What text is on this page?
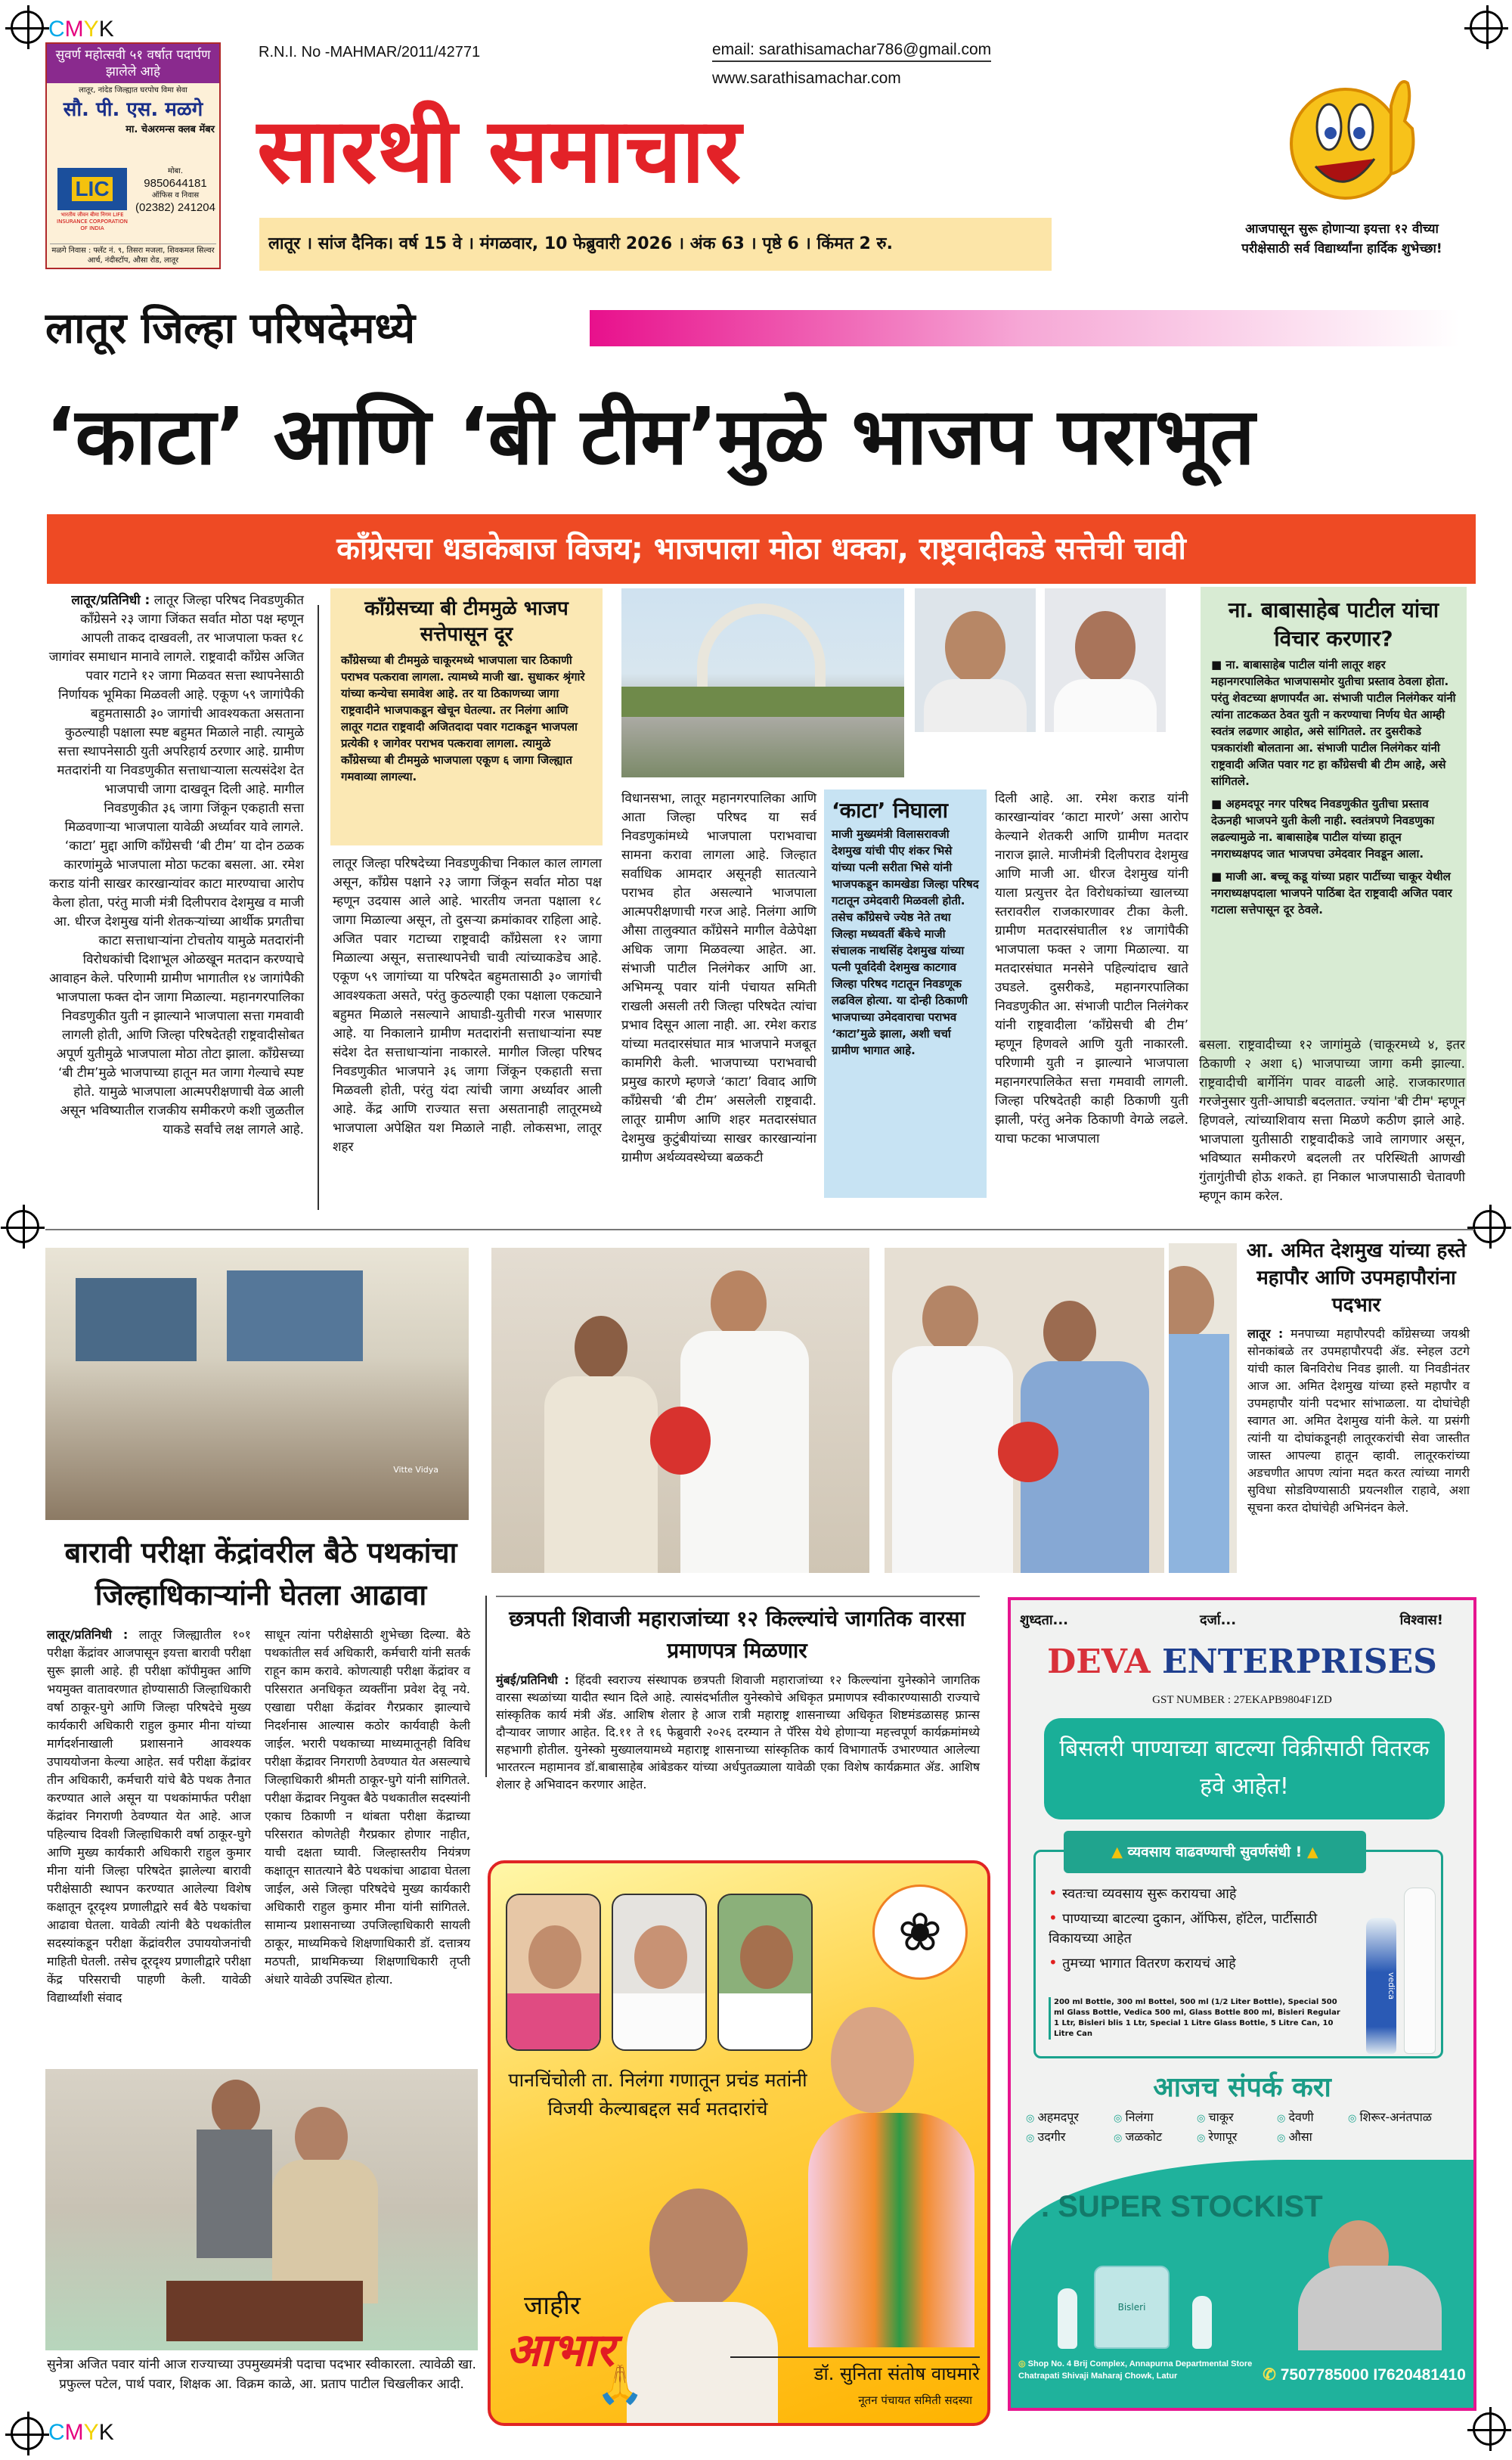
CMYK
CMYK
सुवर्ण महोत्सवी ५१ वर्षात पदार्पण झालेले आहे
लातूर, नांदेड जिल्ह्यात घरपोच विमा सेवा
सौ. पी. एस. मळगे
मा. चेअरमन्स क्लब मेंबर
LIC
भारतीय जीवन बीमा निगम LIFE INSURANCE CORPORATION OF INDIA
मोबा.
9850644181
ऑफिस व निवास
(02382) 241204
मळगे निवास : फ्लॅट नं. ९, तिसरा मजला, शिवकमल सिल्वर आर्च, नंदीस्टॉप, औसा रोड, लातूर
R.N.I. No -MAHMAR/2011/42771	email: sarathisamachar786@gmail.com
www.sarathisamachar.com
सारथी समाचार
लातूर । सांज दैनिक। वर्ष 15 वे । मंगळवार, 10 फेब्रुवारी 2026 । अंक 63 । पृष्ठे 6 । किंमत 2 रु.
आजपासून सुरू होणाऱ्या इयत्ता १२ वीच्या परीक्षेसाठी सर्व विद्यार्थ्यांना हार्दिक शुभेच्छा!
लातूर जिल्हा परिषदेमध्ये
‘काटा’ आणि ‘बी टीम’मुळे भाजप पराभूत
काँग्रेसचा धडाकेबाज विजय; भाजपाला मोठा धक्का, राष्ट्रवादीकडे सत्तेची चावी
लातूर/प्रतिनिधी : लातूर जिल्हा परिषद निवडणुकीत काँग्रेसने २३ जागा जिंकत सर्वात मोठा पक्ष म्हणून आपली ताकद दाखवली, तर भाजपाला फक्त १८ जागांवर समाधान मानावे लागले. राष्ट्रवादी काँग्रेस अजित पवार गटाने १२ जागा मिळवत सत्ता स्थापनेसाठी निर्णायक भूमिका मिळवली आहे. एकूण ५९ जागांपैकी बहुमतासाठी ३० जागांची आवश्यकता असताना कुठल्याही पक्षाला स्पष्ट बहुमत मिळाले नाही. त्यामुळे सत्ता स्थापनेसाठी युती अपरिहार्य ठरणार आहे. ग्रामीण मतदारांनी या निवडणुकीत सत्ताधाऱ्याला सत्यसंदेश देत भाजपाची जागा दाखवून दिली आहे. मागील निवडणुकीत ३६ जागा जिंकून एकहाती सत्ता मिळवणाऱ्या भाजपाला यावेळी अर्ध्यावर यावे लागले. ‘काटा’ मुद्दा आणि काँग्रेसची ‘बी टीम’ या दोन ठळक कारणांमुळे भाजपाला मोठा फटका बसला. आ. रमेश कराड यांनी साखर कारखान्यांवर काटा मारण्याचा आरोप केला होता, परंतु माजी मंत्री दिलीपराव देशमुख व माजी आ. धीरज देशमुख यांनी शेतकऱ्यांच्या आर्थीक प्रगतीचा काटा सत्ताधाऱ्यांना टोचतोय यामुळे मतदारांनी विरोधकांची दिशाभूल ओळखून मतदान करण्याचे आवाहन केले. परिणामी ग्रामीण भागातील १४ जागांपैकी भाजपाला फक्त दोन जागा मिळाल्या. महानगरपालिका निवडणुकीत युती न झाल्याने भाजपाला सत्ता गमवावी लागली होती, आणि जिल्हा परिषदेतही राष्ट्रवादीसोबत अपूर्ण युतीमुळे भाजपाला मोठा तोटा झाला. काँग्रेसच्या ‘बी टीम’मुळे भाजपाच्या हातून मत जागा गेल्याचे स्पष्ट होते. यामुळे भाजपाला आत्मपरीक्षणाची वेळ आली असून भविष्यातील राजकीय समीकरणे कशी जुळतील याकडे सर्वांचे लक्ष लागले आहे.
काँग्रेसच्या बी टीममुळे भाजप सत्तेपासून दूर

काँग्रेसच्या बी टीममुळे चाकूरमध्ये भाजपाला चार ठिकाणी पराभव पत्करावा लागला. त्यामध्ये माजी खा. सुधाकर श्रृंगारे यांच्या कन्येचा समावेश आहे. तर या ठिकाणच्या जागा राष्ट्रवादीने भाजपाकडून खेचून घेतल्या. तर निलंगा आणि लातूर गटात राष्ट्रवादी अजितदादा पवार गटाकडून भाजपला प्रत्येकी १ जागेवर पराभव पत्करावा लागला. त्यामुळे काँग्रेसच्या बी टीममुळे भाजपाला एकूण ६ जागा जिल्ह्यात गमवाव्या लागल्या.

लातूर जिल्हा परिषदेच्या निवडणुकीचा निकाल काल लागला असून, काँग्रेस पक्षाने २३ जागा जिंकून सर्वात मोठा पक्ष म्हणून उदयास आले आहे. भारतीय जनता पक्षाला १८ जागा मिळाल्या असून, तो दुसऱ्या क्रमांकावर राहिला आहे. अजित पवार गटाच्या राष्ट्रवादी काँग्रेसला १२ जागा मिळाल्या असून, सत्तास्थापनेची चावी त्यांच्याकडेच आहे. एकूण ५९ जागांच्या या परिषदेत बहुमतासाठी ३० जागांची आवश्यकता असते, परंतु कुठल्याही एका पक्षाला एकट्याने बहुमत मिळाले नसल्याने आघाडी-युतीची गरज भासणार आहे. या निकालाने ग्रामीण मतदारांनी सत्ताधाऱ्यांना स्पष्ट संदेश देत सत्ताधाऱ्यांना नाकारले. मागील जिल्हा परिषद निवडणुकीत भाजपाने ३६ जागा जिंकून एकहाती सत्ता मिळवली होती, परंतु यंदा त्यांची जागा अर्ध्यावर आली आहे. केंद्र आणि राज्यात सत्ता असतानाही लातूरमध्ये भाजपाला अपेक्षित यश मिळाले नाही. लोकसभा, लातूर शहर
विधानसभा, लातूर महानगरपालिका आणि आता जिल्हा परिषद या सर्व निवडणुकांमध्ये भाजपाला पराभवाचा सामना करावा लागला आहे. जिल्हात सर्वाधिक आमदार असूनही सातत्याने पराभव होत असल्याने भाजपाला आत्मपरीक्षणाची गरज आहे. निलंगा आणि औसा तालुक्यात काँग्रेसने मागील वेळेपेक्षा अधिक जागा मिळवल्या आहेत. आ. संभाजी पाटील निलंगेकर आणि आ. अभिमन्यू पवार यांनी पंचायत समिती राखली असली तरी जिल्हा परिषदेत त्यांचा प्रभाव दिसून आला नाही. आ. रमेश कराड यांच्या मतदारसंघात मात्र भाजपाने मजबूत कामगिरी केली. भाजपाच्या पराभवाची प्रमुख कारणे म्हणजे ‘काटा’ विवाद आणि काँग्रेसची ‘बी टीम’ असलेली राष्ट्रवादी. लातूर ग्रामीण आणि शहर मतदारसंघात देशमुख कुटुंबीयांच्या साखर कारखान्यांना ग्रामीण अर्थव्यवस्थेच्या बळकटी
‘काटा’ निघाला

माजी मुख्यमंत्री विलासरावजी देशमुख यांची पीए शंकर भिसे यांच्या पत्नी सरीता भिसे यांनी भाजपकडून कामखेडा जिल्हा परिषद गटातून उमेदवारी मिळवली होती. तसेच काँग्रेसचे ज्येष्ठ नेते तथा जिल्हा मध्यवर्ती बँकेचे माजी संचालक नाथसिंह देशमुख यांच्या पत्नी पूर्वादेवी देशमुख काटगाव जिल्हा परिषद गटातून निवडणूक लढविल होत्या. या दोन्ही ठिकाणी भाजपाच्या उमेदवाराचा पराभव ‘काटा’मुळे झाला, अशी चर्चा ग्रामीण भागात आहे.

दिली आहे. आ. रमेश कराड यांनी कारखान्यांवर ‘काटा मारणे’ असा आरोप केल्याने शेतकरी आणि ग्रामीण मतदार नाराज झाले. माजीमंत्री दिलीपराव देशमुख आणि माजी आ. धीरज देशमुख यांनी याला प्रत्युत्तर देत विरोधकांच्या खालच्या स्तरावरील राजकारणावर टीका केली. ग्रामीण मतदारसंघातील १४ जागांपैकी भाजपाला फक्त २ जागा मिळाल्या. या मतदारसंघात मनसेने पहिल्यांदाच खाते उघडले. दुसरीकडे, महानगरपालिका निवडणुकीत आ. संभाजी पाटील निलंगेकर यांनी राष्ट्रवादीला ‘काँग्रेसची बी टीम’ म्हणून हिणवले आणि युती नाकारली. परिणामी युती न झाल्याने भाजपाला महानगरपालिकेत सत्ता गमवावी लागली. जिल्हा परिषदेतही काही ठिकाणी युती झाली, परंतु अनेक ठिकाणी वेगळे लढले. याचा फटका भाजपाला
ना. बाबासाहेब पाटील यांचा विचार करणार?

■ ना. बाबासाहेब पाटील यांनी लातूर शहर महानगरपालिकेत भाजपासमोर युतीचा प्रस्ताव ठेवला होता. परंतु शेवटच्या क्षणापर्यंत आ. संभाजी पाटील निलंगेकर यांनी त्यांना ताटकळत ठेवत युती न करण्याचा निर्णय घेत आम्ही स्वतंत्र लढणार आहोत, असे सांगितले. तर दुसरीकडे पत्रकारांशी बोलताना आ. संभाजी पाटील निलंगेकर यांनी राष्ट्रवादी अजित पवार गट हा काँग्रेसची बी टीम आहे, असे सांगितले.

■ अहमदपूर नगर परिषद निवडणुकीत युतीचा प्रस्ताव देऊनही भाजपने युती केली नाही. स्वतंत्रपणे निवडणुका लढल्यामुळे ना. बाबासाहेब पाटील यांच्या हातून नगराध्यक्षपद जात भाजपचा उमेदवार निवडून आला.

■ माजी आ. बच्चू कडू यांच्या प्रहार पार्टीच्या चाकूर येथील नगराध्यक्षपदाला भाजपने पाठिंबा देत राष्ट्रवादी अजित पवार गटाला सत्तेपासून दूर ठेवले.

बसला. राष्ट्रवादीच्या १२ जागांमुळे (चाकूरमध्ये ४, इतर ठिकाणी २ अशा ६) भाजपाच्या जागा कमी झाल्या. राष्ट्रवादीची बार्गेनिंग पावर वाढली आहे. राजकारणात गरजेनुसार युती-आघाडी बदलतात. ज्यांना 'बी टीम' म्हणून हिणवले, त्यांच्याशिवाय सत्ता मिळणे कठीण झाले आहे. भाजपाला युतीसाठी राष्ट्रवादीकडे जावे लागणार असून, भविष्यात समीकरणे बदलली तर परिस्थिती आणखी गुंतागुंतीची होऊ शकते. हा निकाल भाजपासाठी चेतावणी म्हणून काम करेल.
Vitte Vidya
आ. अमित देशमुख यांच्या हस्ते महापौर आणि उपमहापौरांना पदभार
लातूर : मनपाच्या महापौरपदी काँग्रेसच्या जयश्री सोनकांबळे तर उपमहापौरपदी ॲड. स्नेहल उटगे यांची काल बिनविरोध निवड झाली. या निवडीनंतर आज आ. अमित देशमुख यांच्या हस्ते महापौर व उपमहापौर यांनी पदभार सांभाळला. या दोघांचेही स्वागत आ. अमित देशमुख यांनी केले. या प्रसंगी त्यांनी या दोघांकडूनही लातूरकरांची सेवा जास्तीत जास्त आपल्या हातून व्हावी. लातूरकरांच्या अडचणीत आपण त्यांना मदत करत त्यांच्या नागरी सुविधा सोडविण्यासाठी प्रयत्नशील राहावे, अशा सूचना करत दोघांचेही अभिनंदन केले.
बारावी परीक्षा केंद्रांवरील बैठे पथकांचा जिल्हाधिकाऱ्यांनी घेतला आढावा
लातूर/प्रतिनिधी : लातूर जिल्ह्यातील १०१ परीक्षा केंद्रांवर आजपासून इयत्ता बारावी परीक्षा सुरू झाली आहे. ही परीक्षा कॉपीमुक्त आणि भयमुक्त वातावरणात होण्यासाठी जिल्हाधिकारी वर्षा ठाकूर-घुगे आणि जिल्हा परिषदेचे मुख्य कार्यकारी अधिकारी राहुल कुमार मीना यांच्या मार्गदर्शनाखाली प्रशासनाने आवश्यक उपाययोजना केल्या आहेत. सर्व परीक्षा केंद्रांवर तीन अधिकारी, कर्मचारी यांचे बैठे पथक तैनात करण्यात आले असून या पथकांमार्फत परीक्षा केंद्रांवर निगराणी ठेवण्यात येत आहे. आज पहिल्याच दिवशी जिल्हाधिकारी वर्षा ठाकूर-घुगे आणि मुख्य कार्यकारी अधिकारी राहुल कुमार मीना यांनी जिल्हा परिषदेत झालेल्या बारावी परीक्षेसाठी स्थापन करण्यात आलेल्या विशेष कक्षातून दूरदृश्य प्रणालीद्वारे सर्व बैठे पथकांचा आढावा घेतला. यावेळी त्यांनी बैठे पथकांतील सदस्यांकडून परीक्षा केंद्रांवरील उपाययोजनांची माहिती घेतली. तसेच दूरदृश्य प्रणालीद्वारे परीक्षा केंद्र परिसराची पाहणी केली. यावेळी विद्यार्थ्यांशी संवाद
साधून त्यांना परीक्षेसाठी शुभेच्छा दिल्या. बैठे पथकांतील सर्व अधिकारी, कर्मचारी यांनी सतर्क राहून काम करावे. कोणत्याही परीक्षा केंद्रांवर व परिसरात अनधिकृत व्यक्तींना प्रवेश देवू नये. एखाद्या परीक्षा केंद्रांवर गैरप्रकार झाल्याचे निदर्शनास आल्यास कठोर कार्यवाही केली जाईल. भरारी पथकाच्या माध्यमातूनही विविध परीक्षा केंद्रावर निगराणी ठेवण्यात येत असल्याचे जिल्हाधिकारी श्रीमती ठाकूर-घुगे यांनी सांगितले. परीक्षा केंद्रावर नियुक्त बैठे पथकातील सदस्यांनी एकाच ठिकाणी न थांबता परीक्षा केंद्राच्या परिसरात कोणतेही गैरप्रकार होणार नाहीत, याची दक्षता घ्यावी. जिल्हास्तरीय नियंत्रण कक्षातून सातत्याने बैठे पथकांचा आढावा घेतला जाईल, असे जिल्हा परिषदेचे मुख्य कार्यकारी अधिकारी राहुल कुमार मीना यांनी सांगितले. सामान्य प्रशासनाच्या उपजिल्हाधिकारी सायली ठाकूर, माध्यमिकचे शिक्षणाधिकारी डॉ. दत्तात्रय मठपती, प्राथमिकच्या शिक्षणाधिकारी तृप्ती अंधारे यावेळी उपस्थित होत्या.
सुनेत्रा अजित पवार यांनी आज राज्याच्या उपमुख्यमंत्री पदाचा पदभार स्वीकारला. त्यावेळी खा. प्रफुल्ल पटेल, पार्थ पवार, शिक्षक आ. विक्रम काळे, आ. प्रताप पाटील चिखलीकर आदी.
छत्रपती शिवाजी महाराजांच्या १२ किल्ल्यांचे जागतिक वारसा प्रमाणपत्र मिळणार
मुंबई/प्रतिनिधी : हिंदवी स्वराज्य संस्थापक छत्रपती शिवाजी महाराजांच्या १२ किल्ल्यांना युनेस्कोने जागतिक वारसा स्थळांच्या यादीत स्थान दिले आहे. त्यासंदर्भातील युनेस्कोचे अधिकृत प्रमाणपत्र स्वीकारण्यासाठी राज्याचे सांस्कृतिक कार्य मंत्री ॲड. आशिष शेलार हे आज रात्री महाराष्ट्र शासनाच्या अधिकृत शिष्टमंडळासह फ्रान्स दौऱ्यावर जाणार आहेत. दि.११ ते १६ फेब्रुवारी २०२६ दरम्यान ते पॅरिस येथे होणाऱ्या महत्त्वपूर्ण कार्यक्रमांमध्ये सहभागी होतील. युनेस्को मुख्यालयामध्ये महाराष्ट्र शासनाच्या सांस्कृतिक कार्य विभागातर्फे उभारण्यात आलेल्या भारतरत्न महामानव डॉ.बाबासाहेब आंबेडकर यांच्या अर्धपुतळ्याला यावेळी एका विशेष कार्यक्रमात ॲड. आशिष शेलार हे अभिवादन करणार आहेत.
❀
पानचिंचोली ता. निलंगा गणातून प्रचंड मतांनी विजयी केल्याबद्दल सर्व मतदारांचे
जाहीर
आभार
🙏	डॉ. सुनिता संतोष वाघमारे
नूतन पंचायत समिती सदस्या
शुध्दता...	दर्जा...	विश्वास!
DEVA ENTERPRISES
GST NUMBER : 27EKAPB9804F1ZD
बिसलरी पाण्याच्या बाटल्या विक्रीसाठी वितरक हवे आहेत!
▲ व्यवसाय वाढवण्याची सुवर्णसंधी ! ▲
• स्वतःचा व्यवसाय सुरू करायचा आहे
• पाण्याच्या बाटल्या दुकान, ऑफिस, हॉटेल, पार्टीसाठी विकायच्या आहेत
• तुमच्या भागात वितरण करायचं आहे
200 ml Bottle, 300 ml Bottel, 500 ml (1/2 Liter Bottle), Special 500 ml Glass Bottle, Vedica 500 ml, Glass Bottle 800 ml, Bisleri Regular 1 Ltr, Bisleri blis 1 Ltr, Special 1 Litre Glass Bottle, 5 Litre Can, 10 Litre Can
vedica
आजच संपर्क करा
◎ अहमदपूर	◎ निलंगा	◎ चाकूर	◎ देवणी	◎ शिरूर-अनंतपाळ
◎ उदगीर	◎ जळकोट	◎ रेणापूर	◎ औसा
. SUPER STOCKIST
Bisleri
◎ Shop No. 4 Brij Complex, Annapurna Departmental Store Chatrapati Shivaji Maharaj Chowk, Latur	✆ 7507785000 I7620481410
